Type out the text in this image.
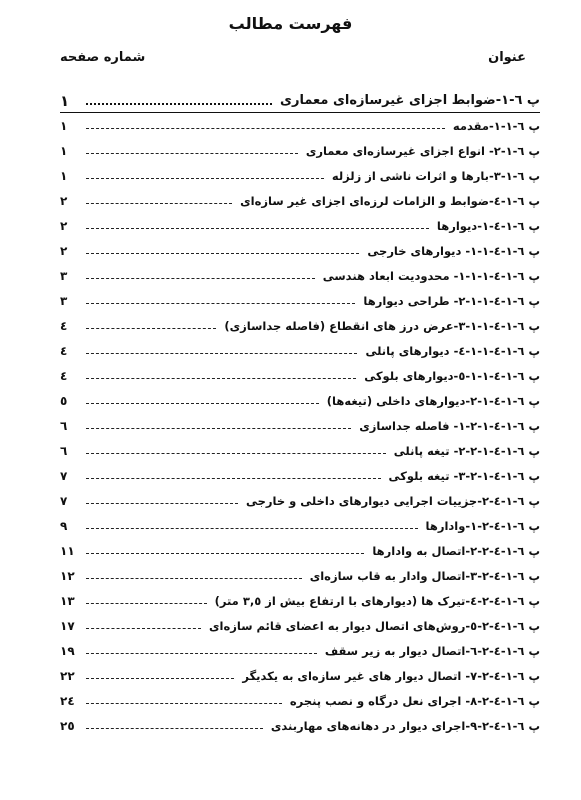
فهرست مطالب
عنوان
شماره صفحه
پ ٦-١-ضوابط اجزای غیرسازه‌ای معماری
١
پ ٦-١-١-مقدمه
١
پ ٦-١-٢- انواع اجزای غیرسازه‌ای معماری
١
پ ٦-١-٣-بارها و اثرات ناشی از زلزله
١
پ ٦-١-٤-ضوابط و الزامات لرزه‌ای اجزای غیر سازه‌ای
٢
پ ٦-١-٤-١-دیوارها
٢
پ ٦-١-٤-١-١- دیوارهای خارجی
٢
پ ٦-١-٤-١-١-١- محدودیت ابعاد هندسی
٣
پ ٦-١-٤-١-١-٢- طراحی دیوارها
٣
پ ٦-١-٤-١-١-٣-عرض درز های انقطاع (فاصله جداسازی)
٤
پ ٦-١-٤-١-١-٤- دیوارهای پانلی
٤
پ ٦-١-٤-١-١-٥-دیوارهای بلوکی
٤
پ ٦-١-٤-١-٢-دیوارهای داخلی (تیغه‌ها)
٥
پ ٦-١-٤-١-٢-١- فاصله جداسازی
٦
پ ٦-١-٤-١-٢-٢- تیغه پانلی
٦
پ ٦-١-٤-١-٢-٣- تیغه بلوکی
٧
پ ٦-١-٤-٢-جزییات اجرایی دیوارهای داخلی و خارجی
٧
پ ٦-١-٤-٢-١-وادارها
٩
پ ٦-١-٤-٢-٢-اتصال به وادارها
١١
پ ٦-١-٤-٢-٣-اتصال وادار به قاب سازه‌ای
١٢
پ ٦-١-٤-٢-٤-تیرک ها (دیوارهای با ارتفاع بیش از ٣,٥ متر)
١٣
پ ٦-١-٤-٢-٥-روش‌های اتصال دیوار به اعضای قائم سازه‌ای
١٧
پ ٦-١-٤-٢-٦-اتصال دیوار به زیر سقف
١٩
پ ٦-١-٤-٢-٧- اتصال دیوار های غیر سازه‌ای به یکدیگر
٢٢
پ ٦-١-٤-٢-٨- اجرای نعل درگاه و نصب پنجره
٢٤
پ ٦-١-٤-٢-٩-اجرای دیوار در دهانه‌های مهاربندی
٢٥
